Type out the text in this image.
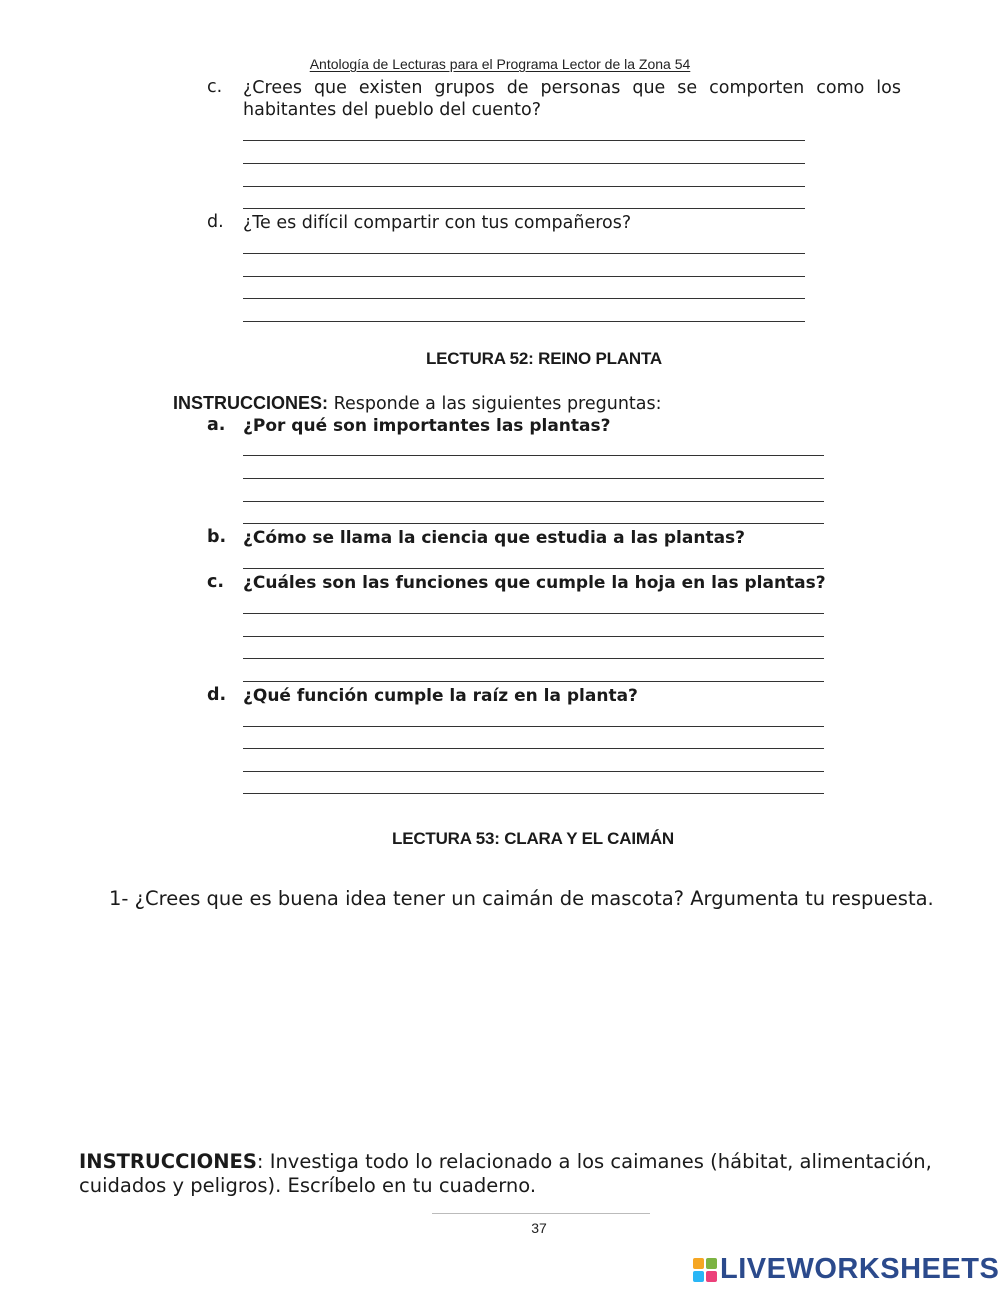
Antología de Lecturas para el Programa Lector de la Zona 54
c. ¿Crees que existen grupos de personas que se comporten como los
habitantes del pueblo del cuento?
d. ¿Te es difícil compartir con tus compañeros?
LECTURA 52: REINO PLANTA
INSTRUCCIONES: Responde a las siguientes preguntas:
a. ¿Por qué son importantes las plantas?
b. ¿Cómo se llama la ciencia que estudia a las plantas?
c. ¿Cuáles son las funciones que cumple la hoja en las plantas?
d. ¿Qué función cumple la raíz en la planta?
LECTURA 53: CLARA Y EL CAIMÁN
1- ¿Crees que es buena idea tener un caimán de mascota? Argumenta tu respuesta.
INSTRUCCIONES: Investiga todo lo relacionado a los caimanes (hábitat, alimentación,
cuidados y peligros). Escríbelo en tu cuaderno.
37
LIVEWORKSHEETS
